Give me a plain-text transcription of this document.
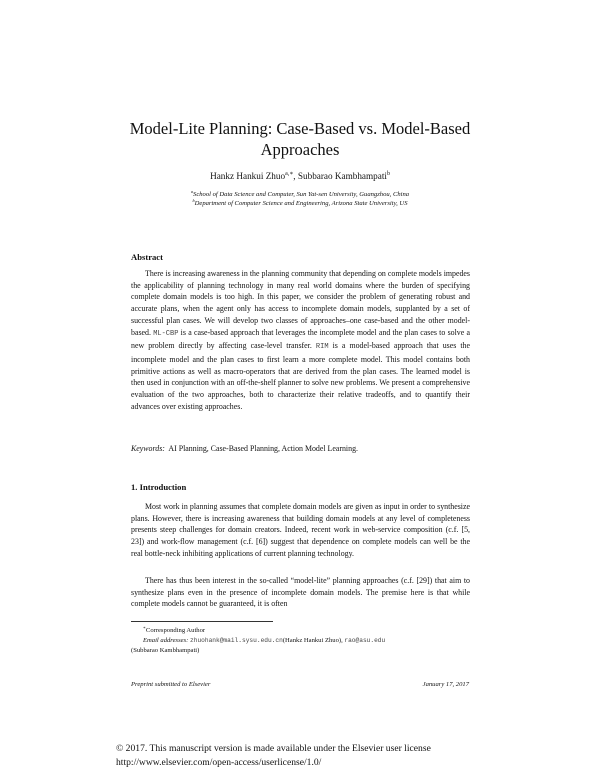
Model-Lite Planning: Case-Based vs. Model-Based
Approaches
Hankz Hankui Zhuo$^{a,∗}$, Subbarao Kambhampati$^b$
$^a$School of Data Science and Computer, Sun Yat-sen University, Guangzhou, China
$^b$Department of Computer Science and Engineering, Arizona State University, US
Abstract
There is increasing awareness in the planning community that depending on complete models impedes the applicability of planning technology in many real world domains where the burden of specifying complete domain models is too high. In this paper, we consider the problem of generating robust and accurate plans, when the agent only has access to incomplete domain models, supplanted by a set of successful plan cases. We will develop two classes of approaches–one case-based and the other model-based. ML-CBP is a case-based approach that leverages the incomplete model and the plan cases to solve a new problem directly by affecting case-level transfer. RIM is a model-based approach that uses the incomplete model and the plan cases to first learn a more complete model. This model contains both primitive actions as well as macro-operators that are derived from the plan cases. The learned model is then used in conjunction with an off-the-shelf planner to solve new problems. We present a comprehensive evaluation of the two approaches, both to characterize their relative tradeoffs, and to quantify their advances over existing approaches.
Keywords: AI Planning, Case-Based Planning, Action Model Learning.
1. Introduction
Most work in planning assumes that complete domain models are given as input in order to synthesize plans. However, there is increasing awareness that building domain models at any level of completeness presents steep challenges for domain creators. Indeed, recent work in web-service composition (c.f. [5, 23]) and work-flow management (c.f. [6]) suggest that dependence on complete models can well be the real bottle-neck inhibiting applications of current planning technology.
There has thus been interest in the so-called “model-lite” planning approaches (c.f. [29]) that aim to synthesize plans even in the presence of incomplete domain models. The premise here is that while complete models cannot be guaranteed, it is often
∗Corresponding Author
Email addresses: zhuohank@mail.sysu.edu.cn(Hankz Hankui Zhuo), rao@asu.edu
(Subbarao Kambhampati)
Preprint submitted to Elsevier	January 17, 2017
© 2017. This manuscript version is made available under the Elsevier user license
http://www.elsevier.com/open-access/userlicense/1.0/
